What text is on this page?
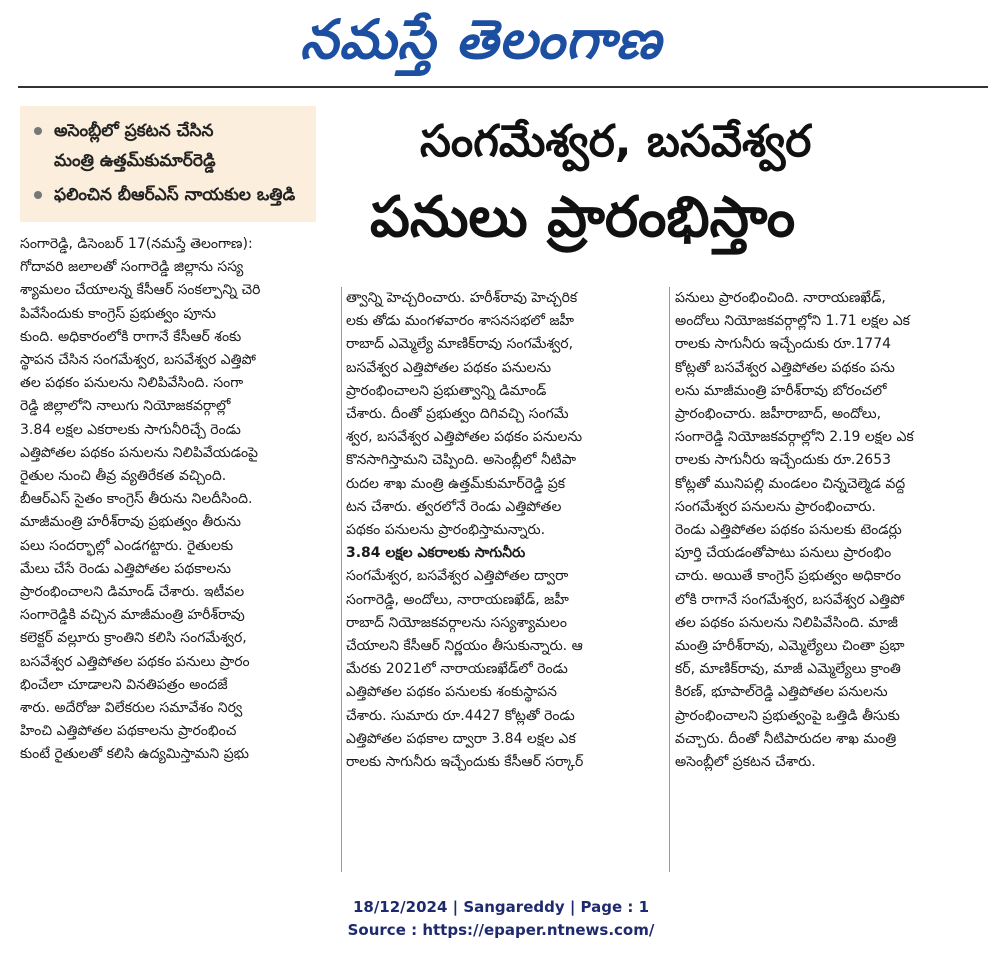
నమస్తే తెలంగాణ
అసెంబ్లీలో ప్రకటన చేసిన
మంత్రి ఉత్తమ్‌కుమార్‌రెడ్డి
ఫలించిన బీఆర్‌ఎస్ నాయకుల ఒత్తిడి
సంగమేశ్వర, బసవేశ్వర
పనులు ప్రారంభిస్తాం

సంగారెడ్డి, డిసెంబర్ 17(నమస్తే తెలంగాణ):

గోదావరి జలాలతో సంగారెడ్డి జిల్లాను సస్య

శ్యామలం చేయాలన్న కేసీఆర్ సంకల్పాన్ని చెరి

పివేసేందుకు కాంగ్రెస్ ప్రభుత్వం పూను

కుంది. అధికారంలోకి రాగానే కేసీఆర్ శంకు

స్థాపన చేసిన సంగమేశ్వర, బసవేశ్వర ఎత్తిపో

తల పథకం పనులను నిలిపివేసింది. సంగా

రెడ్డి జిల్లాలోని నాలుగు నియోజకవర్గాల్లో

3.84 లక్షల ఎకరాలకు సాగునీరిచ్చే రెండు

ఎత్తిపోతల పథకం పనులను నిలిపివేయడంపై

రైతుల నుంచి తీవ్ర వ్యతిరేకత వచ్చింది.

బీఆర్‌ఎస్ సైతం కాంగ్రెస్ తీరును నిలదీసింది.

మాజీమంత్రి హరీశ్‌రావు ప్రభుత్వం తీరును

పలు సందర్భాల్లో ఎండగట్టారు. రైతులకు

మేలు చేసే రెండు ఎత్తిపోతల పథకాలను

ప్రారంభించాలని డిమాండ్ చేశారు. ఇటీవల

సంగారెడ్డికి వచ్చిన మాజీమంత్రి హరీశ్‌రావు

కలెక్టర్ వల్లూరు క్రాంతిని కలిసి సంగమేశ్వర,

బసవేశ్వర ఎత్తిపోతల పథకం పనులు ప్రారం

భించేలా చూడాలని వినతిపత్రం అందజే

శారు. అదేరోజు విలేకరుల సమావేశం నిర్వ

హించి ఎత్తిపోతల పథకాలను ప్రారంభించ

కుంటే రైతులతో కలిసి ఉద్యమిస్తామని ప్రభు

త్వాన్ని హెచ్చరించారు. హరీశ్‌రావు హెచ్చరిక

లకు తోడు మంగళవారం శాసనసభలో జహీ

రాబాద్ ఎమ్మెల్యే మాణిక్‌రావు సంగమేశ్వర,

బసవేశ్వర ఎత్తిపోతల పథకం పనులను

ప్రారంభించాలని ప్రభుత్వాన్ని డిమాండ్

చేశారు. దీంతో ప్రభుత్వం దిగివచ్చి సంగమే

శ్వర, బసవేశ్వర ఎత్తిపోతల పథకం పనులను

కొనసాగిస్తామని చెప్పింది. అసెంబ్లీలో నీటిపా

రుదల శాఖ మంత్రి ఉత్తమ్‌కుమార్‌రెడ్డి ప్రక

టన చేశారు. త్వరలోనే రెండు ఎత్తిపోతల

పథకం పనులను ప్రారంభిస్తామన్నారు.

3.84 లక్షల ఎకరాలకు సాగునీరు

సంగమేశ్వర, బసవేశ్వర ఎత్తిపోతల ద్వారా

సంగారెడ్డి, అందోలు, నారాయణఖేడ్, జహీ

రాబాద్ నియోజకవర్గాలను సస్యశ్యామలం

చేయాలని కేసీఆర్ నిర్ణయం తీసుకున్నారు. ఆ

మేరకు 2021లో నారాయణఖేడ్‌లో రెండు

ఎత్తిపోతల పథకం పనులకు శంకుస్థాపన

చేశారు. సుమారు రూ.4427 కోట్లతో రెండు

ఎత్తిపోతల పథకాల ద్వారా 3.84 లక్షల ఎక

రాలకు సాగునీరు ఇచ్చేందుకు కేసీఆర్ సర్కార్

పనులు ప్రారంభించింది. నారాయణఖేడ్,

అందోలు నియోజకవర్గాల్లోని 1.71 లక్షల ఎక

రాలకు సాగునీరు ఇచ్చేందుకు రూ.1774

కోట్లతో బసవేశ్వర ఎత్తిపోతల పథకం పను

లను మాజీమంత్రి హరీశ్‌రావు బోరంచలో

ప్రారంభించారు. జహీరాబాద్, అందోలు,

సంగారెడ్డి నియోజకవర్గాల్లోని 2.19 లక్షల ఎక

రాలకు సాగునీరు ఇచ్చేందుకు రూ.2653

కోట్లతో మునిపల్లి మండలం చిన్నచెల్మెడ వద్ద

సంగమేశ్వర పనులను ప్రారంభించారు.

రెండు ఎత్తిపోతల పథకం పనులకు టెండర్లు

పూర్తి చేయడంతోపాటు పనులు ప్రారంభిం

చారు. అయితే కాంగ్రెస్ ప్రభుత్వం అధికారం

లోకి రాగానే సంగమేశ్వర, బసవేశ్వర ఎత్తిపో

తల పథకం పనులను నిలిపివేసింది. మాజీ

మంత్రి హరీశ్‌రావు, ఎమ్మెల్యేలు చింతా ప్రభా

కర్, మాణిక్‌రావు, మాజీ ఎమ్మెల్యేలు క్రాంతి

కిరణ్, భూపాల్‌రెడ్డి ఎత్తిపోతల పనులను

ప్రారంభించాలని ప్రభుత్వంపై ఒత్తిడి తీసుకు

వచ్చారు. దీంతో నీటిపారుదల శాఖ మంత్రి

అసెంబ్లీలో ప్రకటన చేశారు.

18/12/2024 | Sangareddy | Page : 1
Source : https://epaper.ntnews.com/
